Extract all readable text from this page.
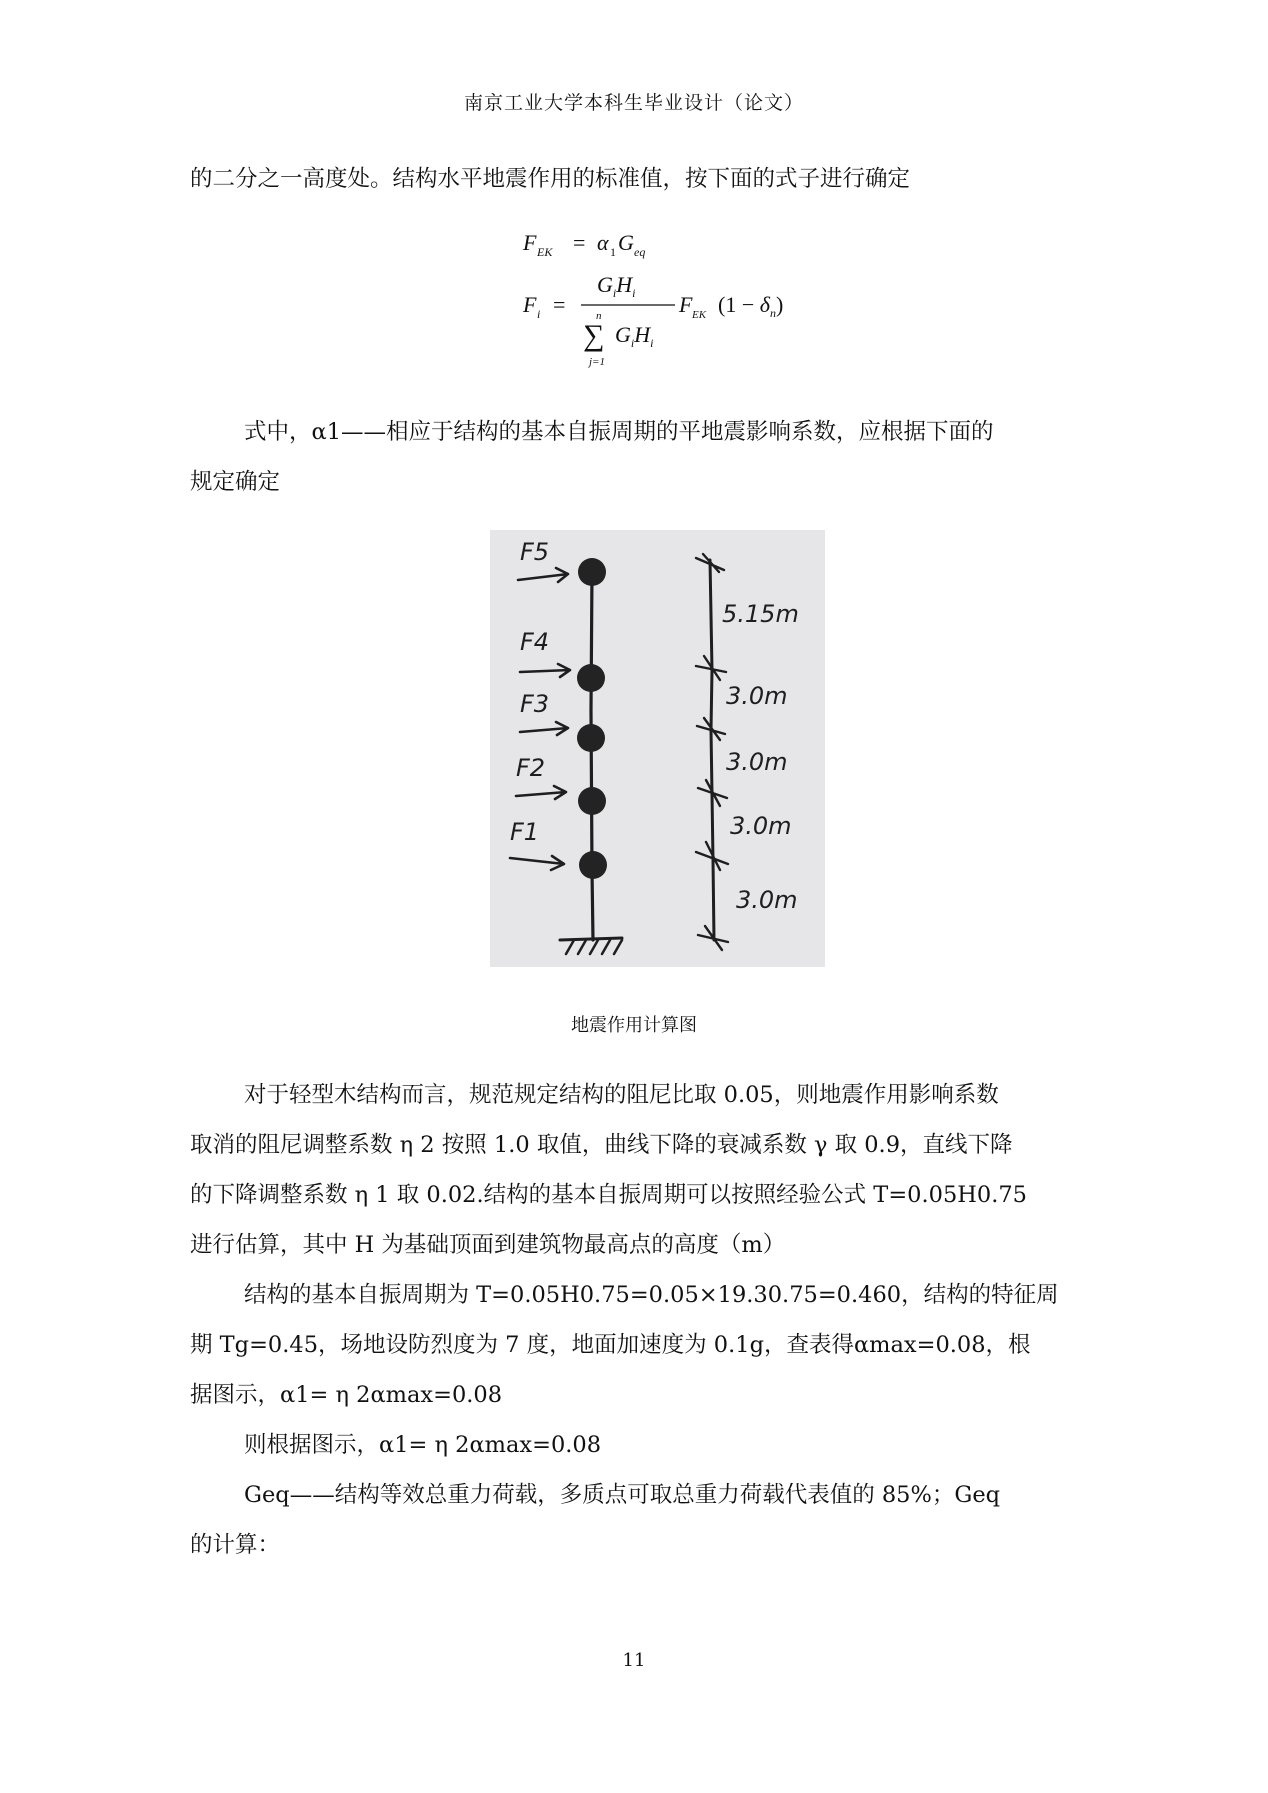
南京工业大学本科生毕业设计（论文）
的二分之一高度处。结构水平地震作用的标准值，按下面的式子进行确定
F EK = α 1 G eq
F i =
$G_iH_i$
n
∑
j=1
$G_iH_i$
F EK $(1 - \delta_n)$
式中，α1——相应于结构的基本自振周期的平地震影响系数，应根据下面的
规定确定
F5
F4
F3
F2
F1
5.15m
3.0m
3.0m
3.0m
3.0m
地震作用计算图
对于轻型木结构而言，规范规定结构的阻尼比取 0.05，则地震作用影响系数
取消的阻尼调整系数 η 2 按照 1.0 取值，曲线下降的衰减系数 γ 取 0.9，直线下降
的下降调整系数 η 1 取 0.02.结构的基本自振周期可以按照经验公式 T=0.05H0.75
进行估算，其中 H 为基础顶面到建筑物最高点的高度（m）
结构的基本自振周期为 T=0.05H0.75=0.05×19.30.75=0.460，结构的特征周
期 Tg=0.45，场地设防烈度为 7 度，地面加速度为 0.1g，查表得αmax=0.08，根
据图示，α1= η 2αmax=0.08
则根据图示，α1= η 2αmax=0.08
Geq——结构等效总重力荷载，多质点可取总重力荷载代表值的 85%；Geq
的计算：
11
